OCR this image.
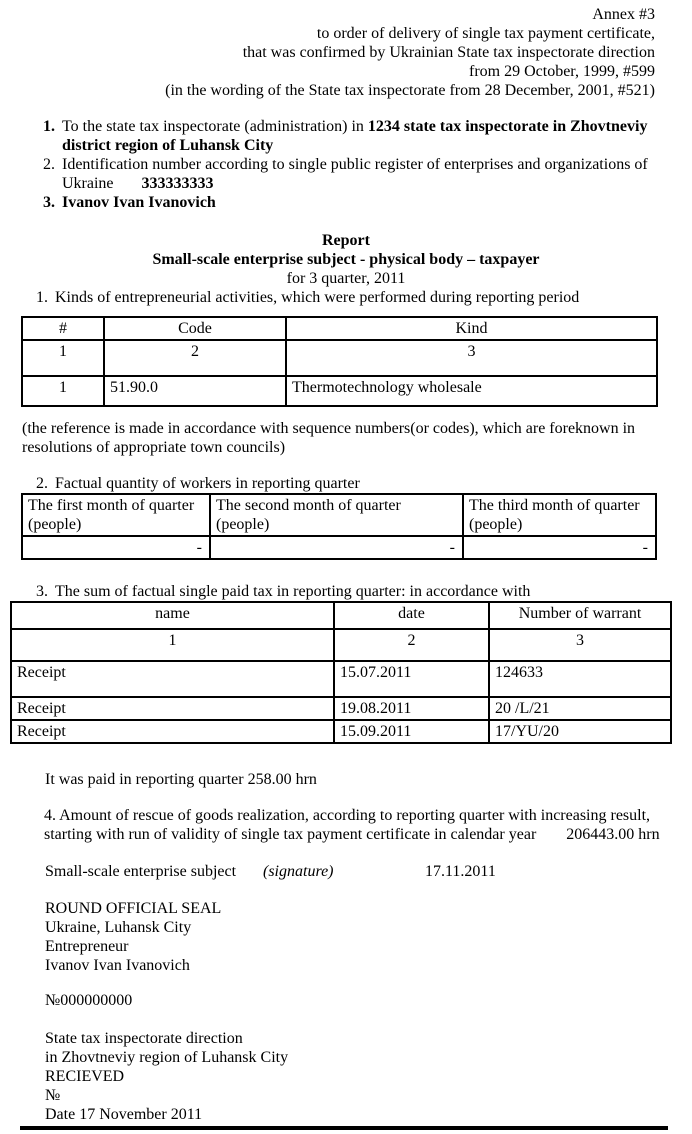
Annex #3
to order of delivery of single tax payment certificate,
that was confirmed by Ukrainian State tax inspectorate direction
from 29 October, 1999, #599
(in the wording of the State tax inspectorate from 28 December, 2001, #521)
1. To the state tax inspectorate (administration) in 1234 state tax inspectorate in Zhovtneviy district region of Luhansk City
2. Identification number according to single public register of enterprises and organizations of Ukraine 333333333
3. Ivanov Ivan Ivanovich
Report
Small-scale enterprise subject - physical body – taxpayer
for 3 quarter, 2011
1. Kinds of entrepreneurial activities, which were performed during reporting period
#	Code	Kind
1	2	3
1	51.90.0	Thermotechnology wholesale
(the reference is made in accordance with sequence numbers(or codes), which are foreknown in resolutions of appropriate town councils)
2. Factual quantity of workers in reporting quarter
The first month of quarter (people)	The second month of quarter (people)	The third month of quarter (people)
-	-	-
3. The sum of factual single paid tax in reporting quarter: in accordance with
name	date	Number of warrant
1	2	3
Receipt	15.07.2011	124633
Receipt	19.08.2011	20 /L/21
Receipt	15.09.2011	17/YU/20
It was paid in reporting quarter 258.00 hrn
4. Amount of rescue of goods realization, according to reporting quarter with increasing result,
starting with run of validity of single tax payment certificate in calendar year 206443.00 hrn
Small-scale enterprise subject (signature)	17.11.2011
ROUND OFFICIAL SEAL
Ukraine, Luhansk City
Entrepreneur
Ivanov Ivan Ivanovich
№000000000
State tax inspectorate direction
in Zhovtneviy region of Luhansk City
RECIEVED
№
Date 17 November 2011
